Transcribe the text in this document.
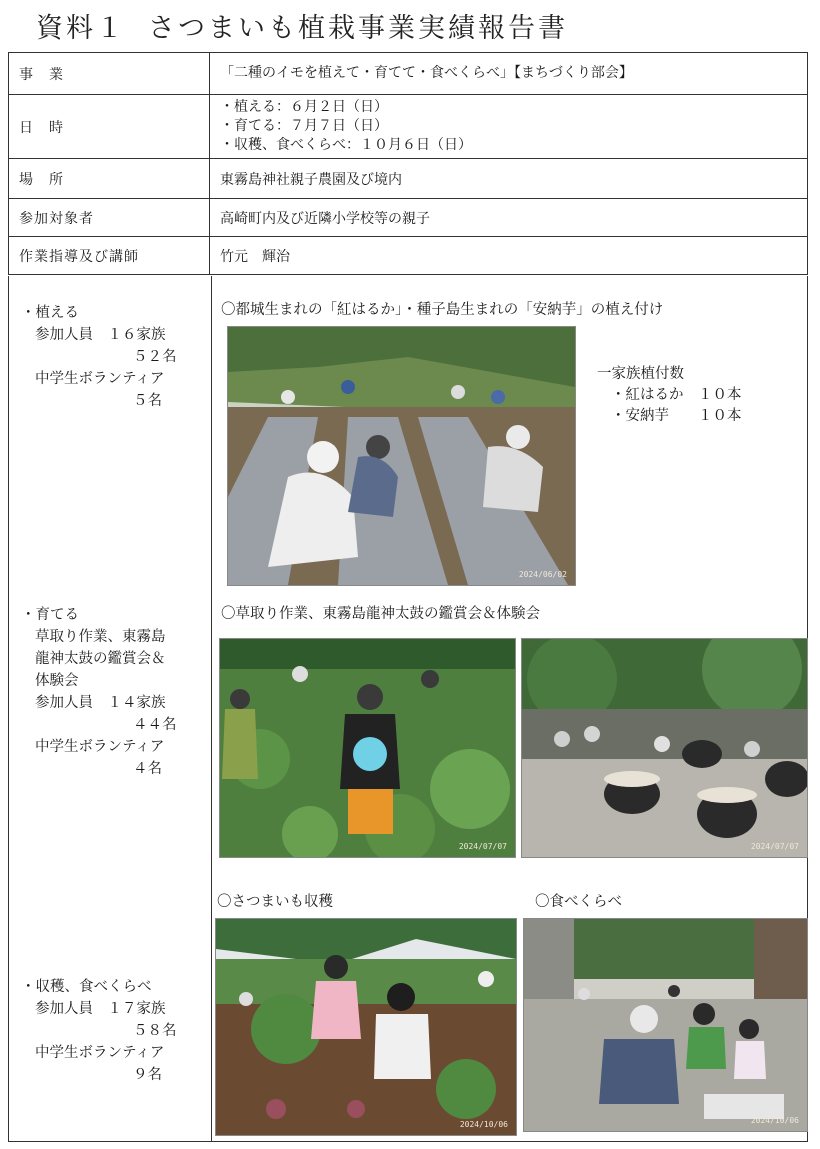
資料１ さつまいも植栽事業実績報告書
事　業	「二種のイモを植えて・育てて・食べくらべ」【まちづくり部会】

日　時	・植える：６月２日（日）
・育てる：７月７日（日）
・収穫、食べくらべ：１０月６日（日）

場　所	東霧島神社親子農園及び境内
参加対象者	高崎町内及び近隣小学校等の親子
作業指導及び講師	竹元　輝治
・植える
参加人員　１６家族
５２名
中学生ボランティア
５名
〇都城生まれの「紅はるか」・種子島生まれの「安納芋」の植え付け
2024/06/02
一家族植付数
・紅はるか　１０本
・安納芋　　１０本
・育てる
草取り作業、東霧島
龍神太鼓の鑑賞会＆
体験会
参加人員　１４家族
４４名
中学生ボランティア
４名
〇草取り作業、東霧島龍神太鼓の鑑賞会＆体験会
2024/07/07	2024/07/07
・収穫、食べくらべ
参加人員　１７家族
５８名
中学生ボランティア
９名
〇さつまいも収穫	〇食べくらべ
2024/10/06	2024/10/06
